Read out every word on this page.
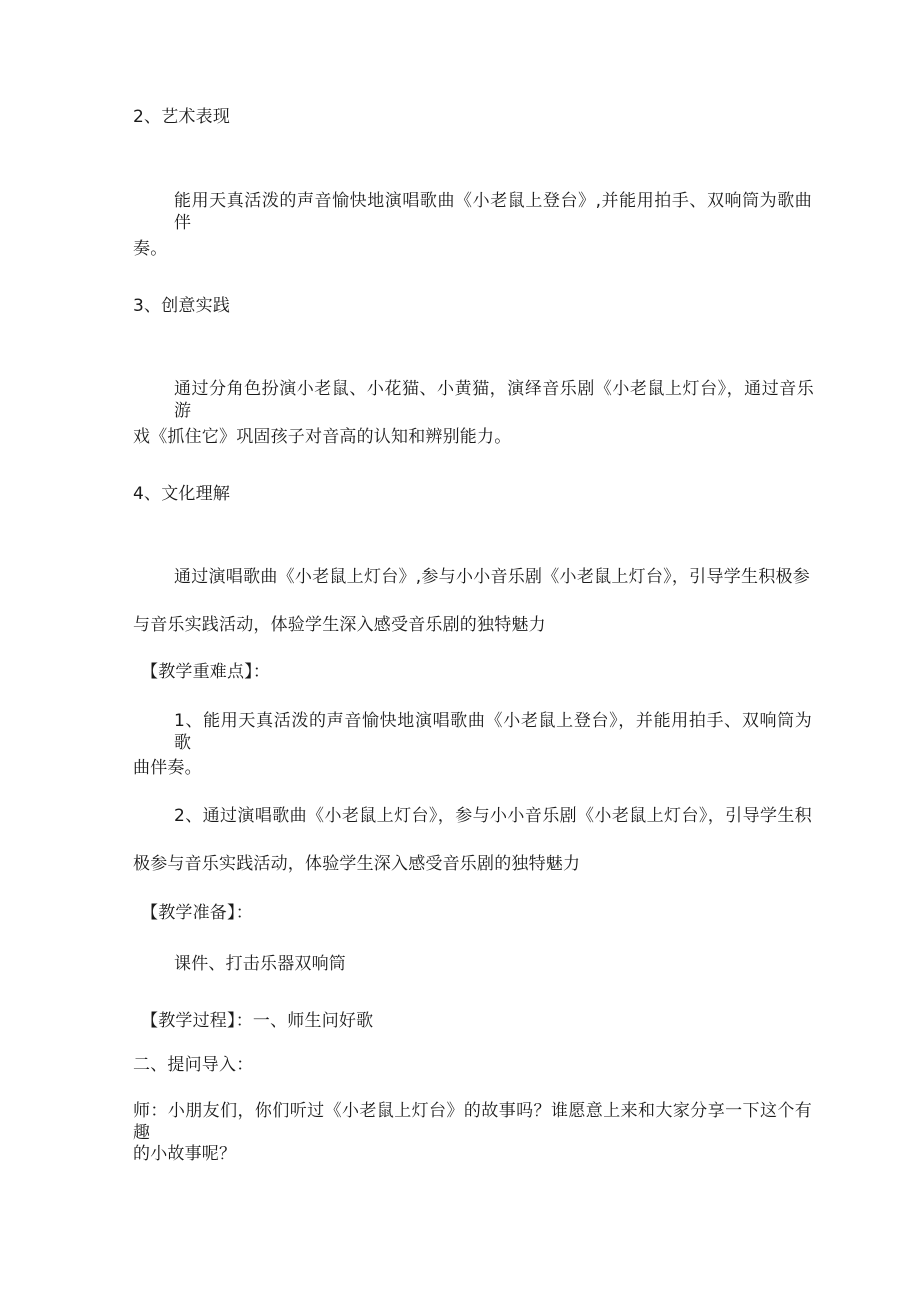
2、艺术表现
能用天真活泼的声音愉快地演唱歌曲《小老鼠上登台》,并能用拍手、双响筒为歌曲伴
奏。
3、创意实践
通过分角色扮演小老鼠、小花猫、小黄猫，演绎音乐剧《小老鼠上灯台》，通过音乐游
戏《抓住它》巩固孩子对音高的认知和辨别能力。
4、文化理解
通过演唱歌曲《小老鼠上灯台》,参与小小音乐剧《小老鼠上灯台》，引导学生积极参
与音乐实践活动，体验学生深入感受音乐剧的独特魅力
【教学重难点】：
1、能用天真活泼的声音愉快地演唱歌曲《小老鼠上登台》，并能用拍手、双响筒为歌
曲伴奏。
2、通过演唱歌曲《小老鼠上灯台》，参与小小音乐剧《小老鼠上灯台》，引导学生积
极参与音乐实践活动，体验学生深入感受音乐剧的独特魅力
【教学准备】：
课件、打击乐器双响筒
【教学过程】：一、师生问好歌
二、提问导入：
师：小朋友们，你们听过《小老鼠上灯台》的故事吗？谁愿意上来和大家分享一下这个有趣
的小故事呢？
